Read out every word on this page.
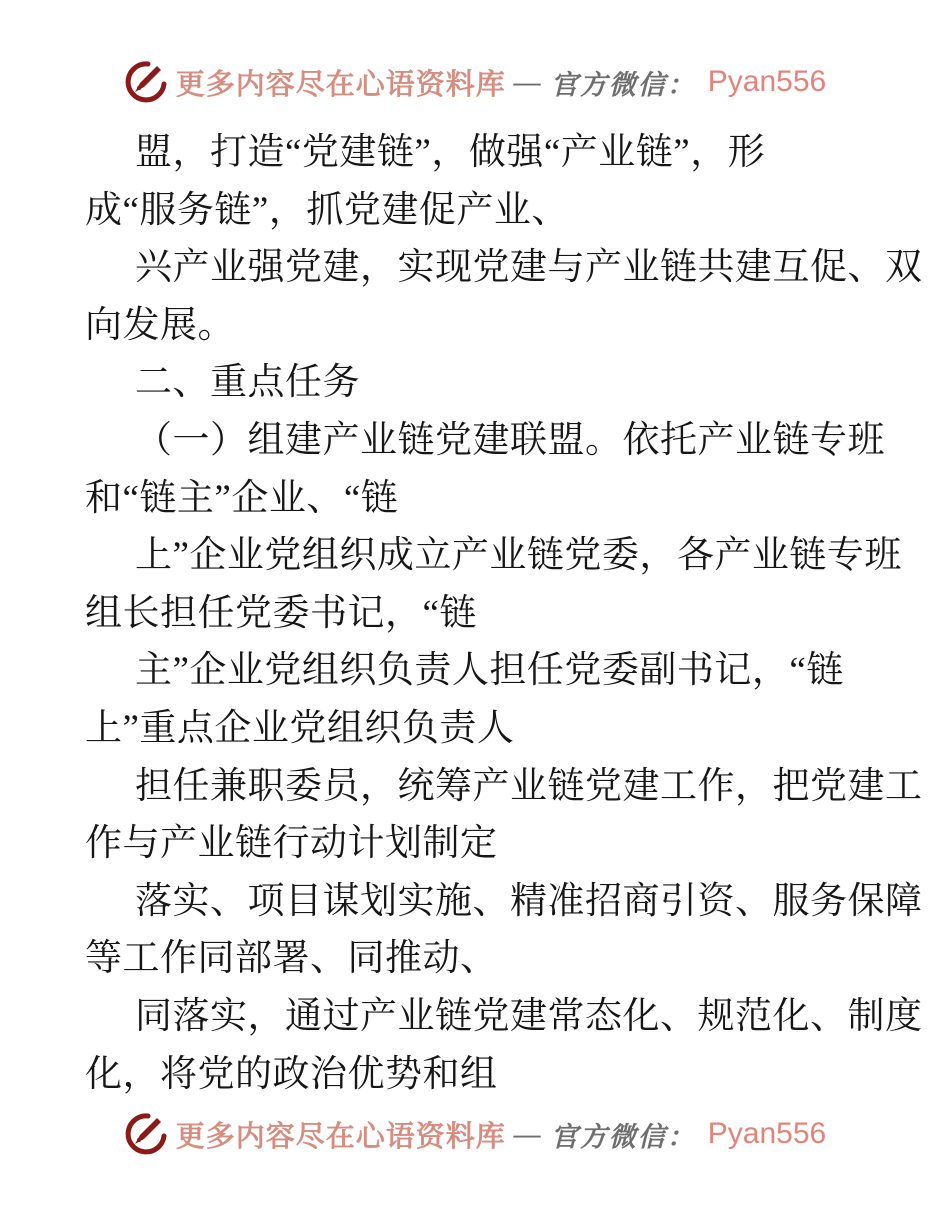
更多内容尽在心语资料库 — 官方微信： Pyan556
盟，打造“党建链”，做强“产业链”，形
成“服务链”，抓党建促产业、
兴产业强党建，实现党建与产业链共建互促、双
向发展。
二、重点任务
（一）组建产业链党建联盟。依托产业链专班
和“链主”企业、“链
上”企业党组织成立产业链党委，各产业链专班
组长担任党委书记，“链
主”企业党组织负责人担任党委副书记，“链
上”重点企业党组织负责人
担任兼职委员，统筹产业链党建工作，把党建工
作与产业链行动计划制定
落实、项目谋划实施、精准招商引资、服务保障
等工作同部署、同推动、
同落实，通过产业链党建常态化、规范化、制度
化，将党的政治优势和组
更多内容尽在心语资料库 — 官方微信： Pyan556
